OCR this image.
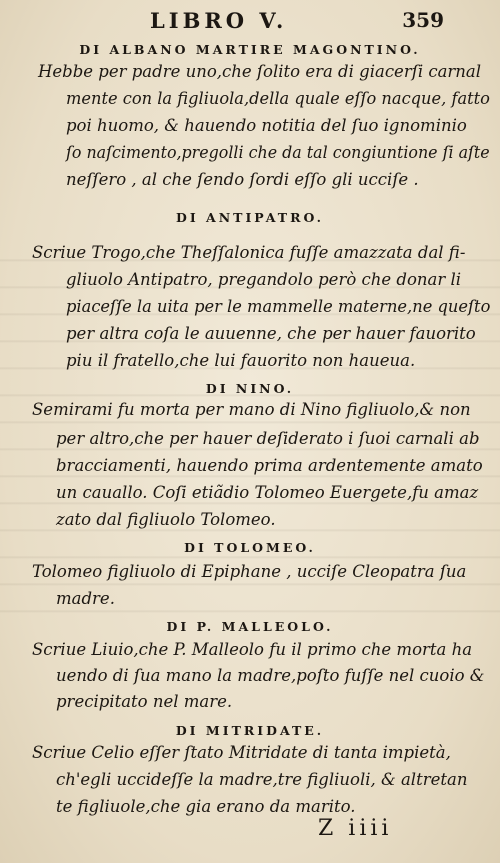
LIBRO V.	359
DI ALBANO MARTIRE MAGONTINO.
Hebbe per padre uno,che ſolito era di giacerſi carnal
mente con la figliuola,della quale eſſo nacque, fatto
poi huomo, & hauendo notitia del ſuo ignominio
ſo naſcimento,pregolli che da tal congiuntione ſi aſte
neſſero , al che ſendo ſordi eſſo gli ucciſe .
DI ANTIPATRO.
Scriue Trogo,che Theſſalonica fuſſe amazzata dal fi-
gliuolo Antipatro, pregandolo però che donar li
piaceſſe la uita per le mammelle materne,ne queſto
per altra coſa le auuenne, che per hauer fauorito
piu il fratello,che lui fauorito non haueua.
DI NINO.
Semirami fu morta per mano di Nino figliuolo,& non
per altro,che per hauer deſiderato i ſuoi carnali ab
bracciamenti, hauendo prima ardentemente amato
un cauallo. Coſi etiãdio Tolomeo Euergete,fu amaz
zato dal figliuolo Tolomeo.
DI TOLOMEO.
Tolomeo figliuolo di Epiphane , ucciſe Cleopatra ſua
madre.
DI P. MALLEOLO.
Scriue Liuio,che P. Malleolo fu il primo che morta ha
uendo di ſua mano la madre,poſto fuſſe nel cuoio &
precipitato nel mare.
DI MITRIDATE.
Scriue Celio eſſer ſtato Mitridate di tanta impietà,
ch'egli uccideſſe la madre,tre figliuoli, & altretan
te figliuole,che gia erano da marito.
Z iiii
